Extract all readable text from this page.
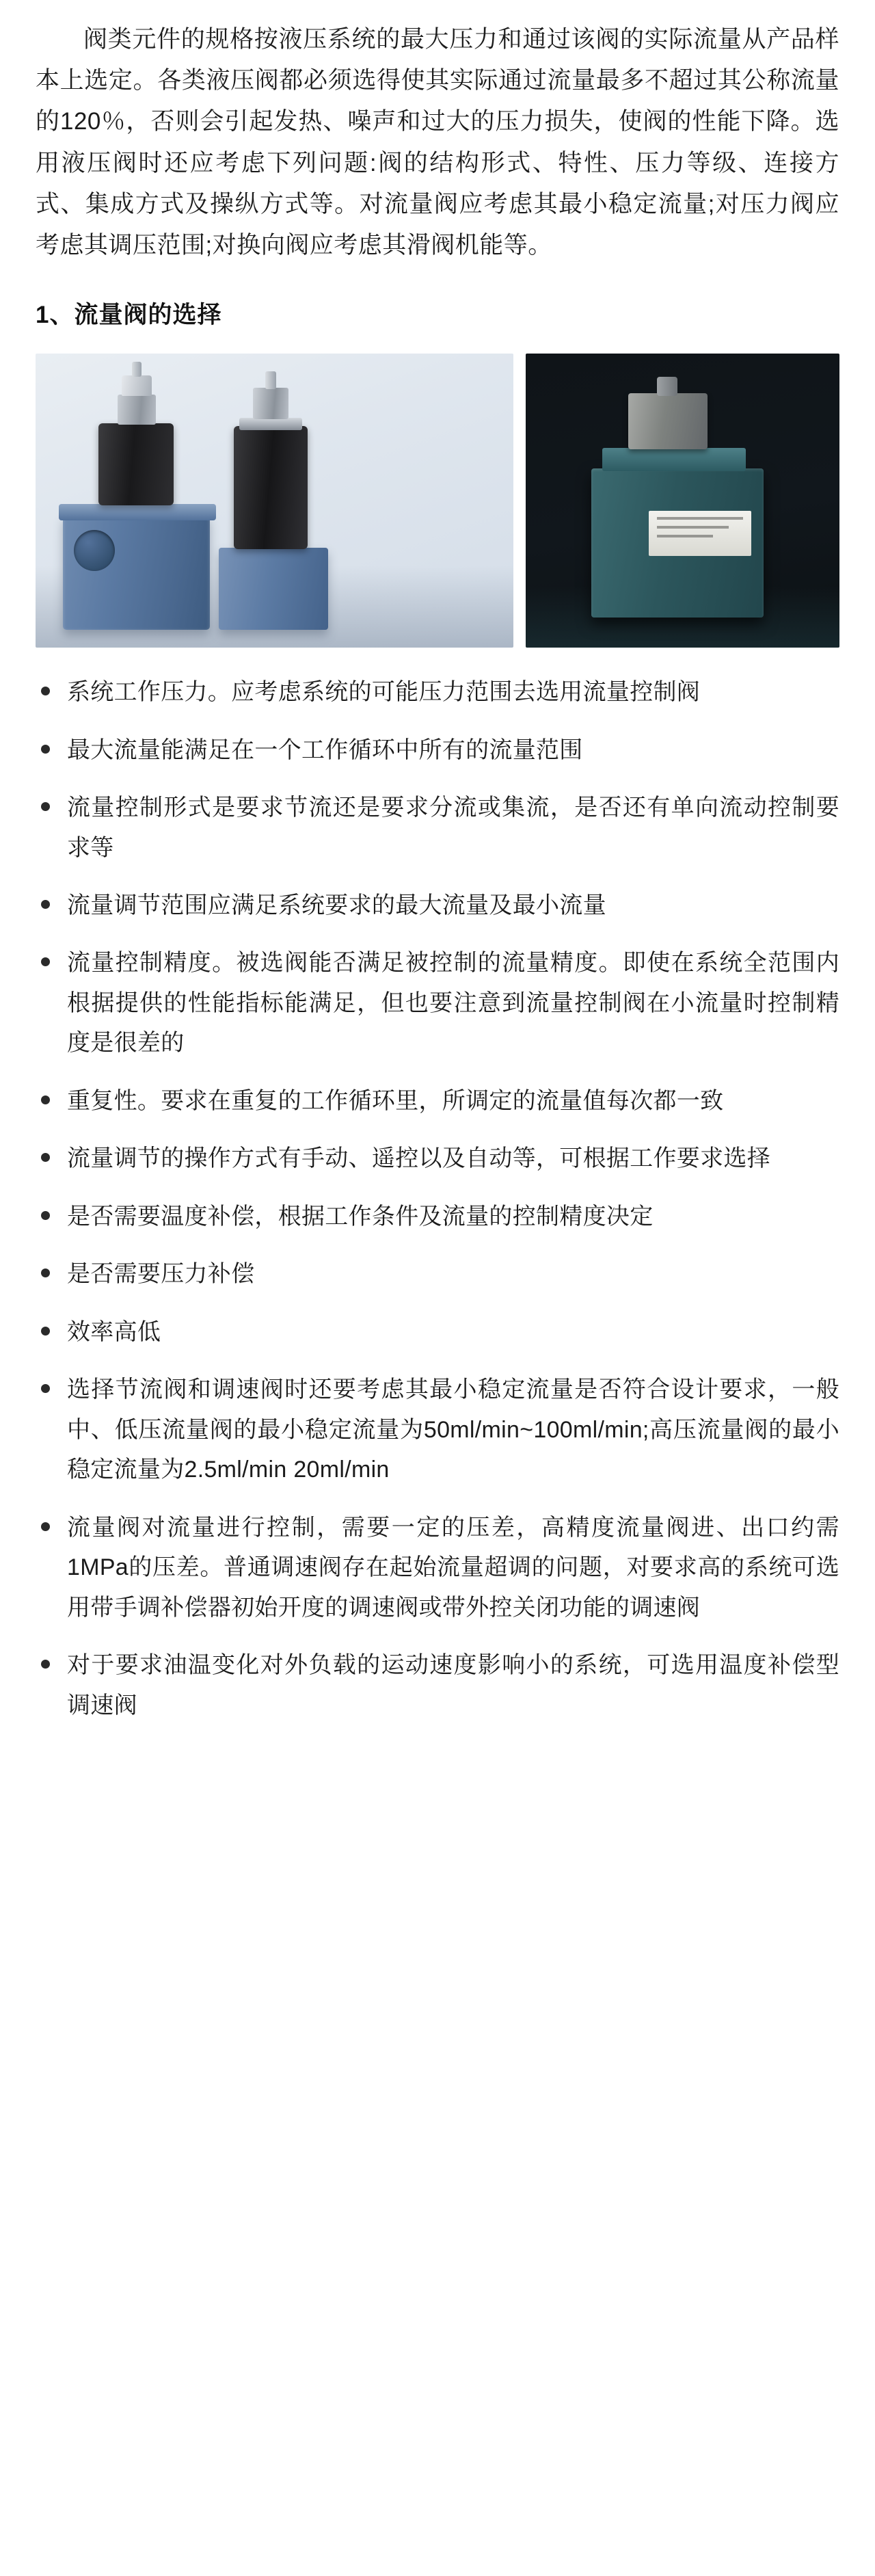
阀类元件的规格按液压系统的最大压力和通过该阀的实际流量从产品样本上选定。各类液压阀都必须选得使其实际通过流量最多不超过其公称流量的120％，否则会引起发热、噪声和过大的压力损失，使阀的性能下降。选用液压阀时还应考虑下列问题:阀的结构形式、特性、压力等级、连接方式、集成方式及操纵方式等。对流量阀应考虑其最小稳定流量;对压力阀应考虑其调压范围;对换向阀应考虑其滑阀机能等。

1、流量阀的选择
系统工作压力。应考虑系统的可能压力范围去选用流量控制阀
最大流量能满足在一个工作循环中所有的流量范围
流量控制形式是要求节流还是要求分流或集流，是否还有单向流动控制要求等
流量调节范围应满足系统要求的最大流量及最小流量
流量控制精度。被选阀能否满足被控制的流量精度。即使在系统全范围内根据提供的性能指标能满足，但也要注意到流量控制阀在小流量时控制精度是很差的
重复性。要求在重复的工作循环里，所调定的流量值每次都一致
流量调节的操作方式有手动、遥控以及自动等，可根据工作要求选择
是否需要温度补偿，根据工作条件及流量的控制精度决定
是否需要压力补偿
效率高低
选择节流阀和调速阀时还要考虑其最小稳定流量是否符合设计要求，一般中、低压流量阀的最小稳定流量为50ml/min~100ml/min;高压流量阀的最小稳定流量为2.5ml/min 20ml/min
流量阀对流量进行控制，需要一定的压差，高精度流量阀进、出口约需1MPa的压差。普通调速阀存在起始流量超调的问题，对要求高的系统可选用带手调补偿器初始开度的调速阀或带外控关闭功能的调速阀
对于要求油温变化对外负载的运动速度影响小的系统，可选用温度补偿型调速阀
